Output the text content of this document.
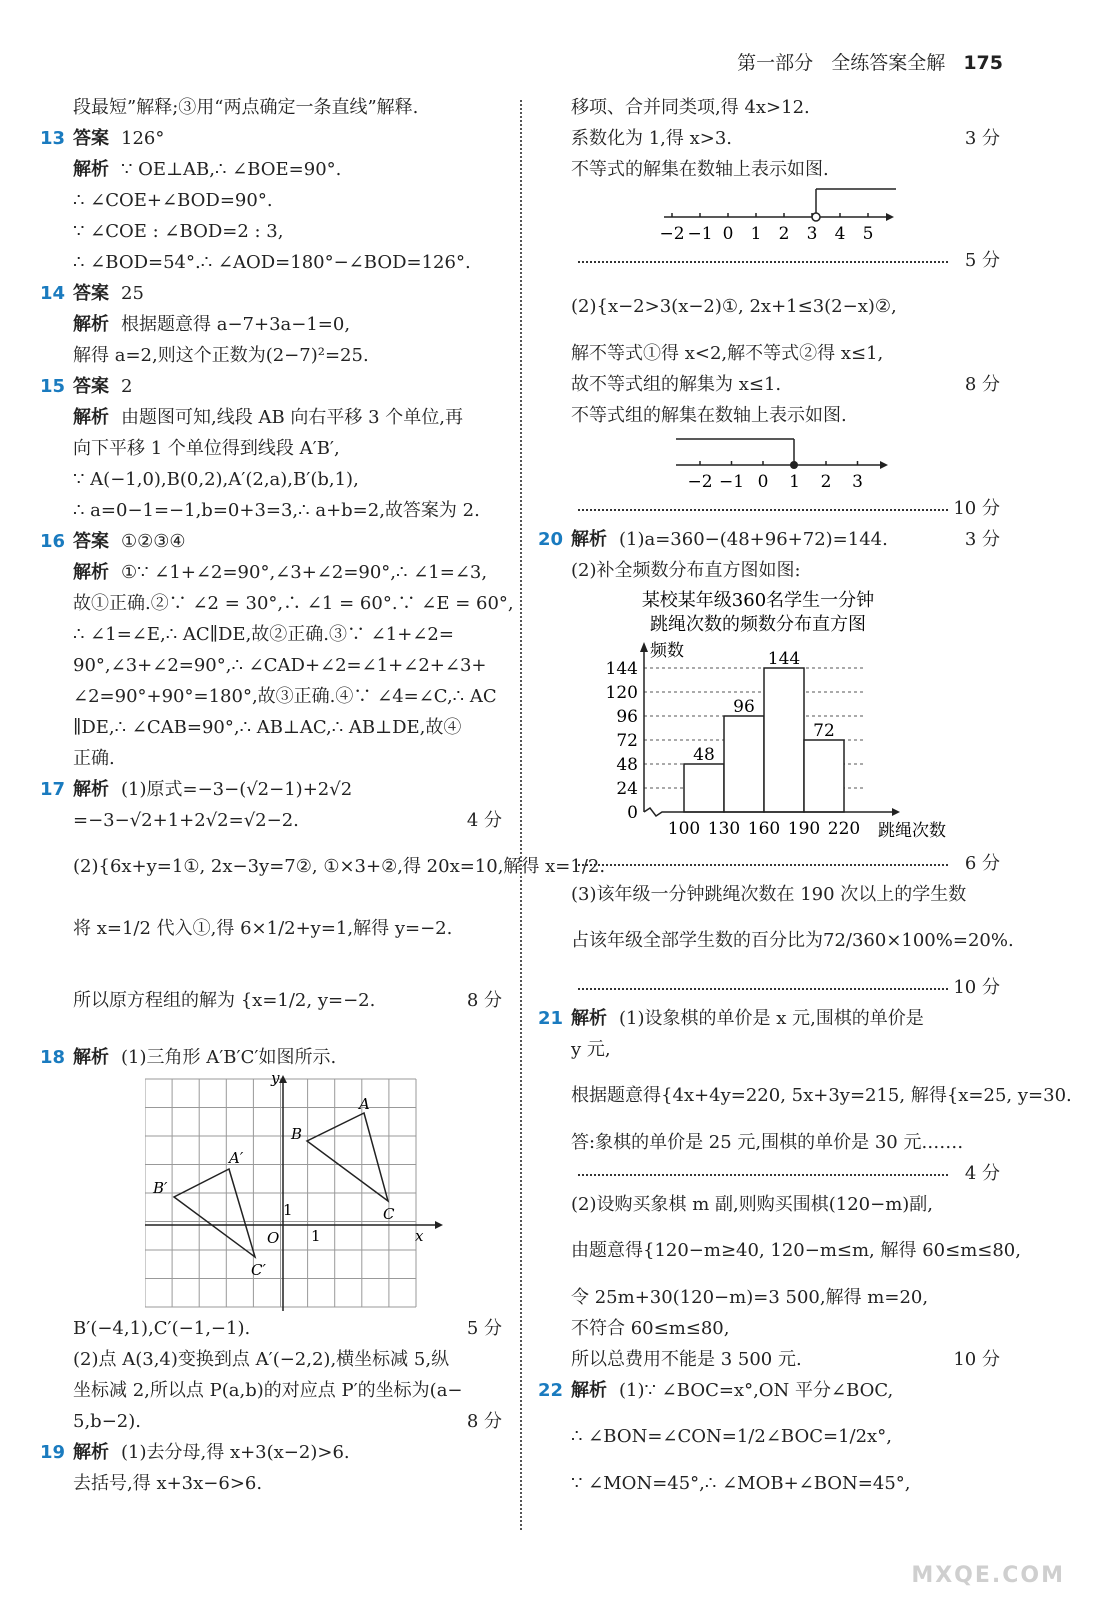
第一部分 全练答案全解 175
段最短”解释;③用“两点确定一条直线”解释.
13 答案 126°
解析 ∵ OE⊥AB,∴ ∠BOE=90°.
∴ ∠COE+∠BOD=90°.
∵ ∠COE : ∠BOD=2 : 3,
∴ ∠BOD=54°.∴ ∠AOD=180°−∠BOD=126°.
14 答案 25
解析 根据题意得 a−7+3a−1=0,
解得 a=2,则这个正数为(2−7)²=25.
15 答案 2
解析 由题图可知,线段 AB 向右平移 3 个单位,再
向下平移 1 个单位得到线段 A′B′,
∵ A(−1,0),B(0,2),A′(2,a),B′(b,1),
∴ a=0−1=−1,b=0+3=3,∴ a+b=2,故答案为 2.
16 答案 ①②③④
解析 ①∵ ∠1+∠2=90°,∠3+∠2=90°,∴ ∠1=∠3,
故①正确.②∵ ∠2 = 30°,∴ ∠1 = 60°.∵ ∠E = 60°,
∴ ∠1=∠E,∴ AC∥DE,故②正确.③∵ ∠1+∠2=
90°,∠3+∠2=90°,∴ ∠CAD+∠2=∠1+∠2+∠3+
∠2=90°+90°=180°,故③正确.④∵ ∠4=∠C,∴ AC
∥DE,∴ ∠CAB=90°,∴ AB⊥AC,∴ AB⊥DE,故④
正确.
17 解析 (1)原式=−3−(√2−1)+2√2
=−3−√2+1+2√2=√2−2.	4 分
(2){6x+y=1①, 2x−3y=7②, ①×3+②,得 20x=10,解得 x=1/2.
将 x=1/2 代入①,得 6×1/2+y=1,解得 y=−2.
所以原方程组的解为 {x=1/2, y=−2.	8 分
18 解析 (1)三角形 A′B′C′如图所示.
y
x
O 1
1
A
B
C
A′
B′
C′
B′(−4,1),C′(−1,−1).	5 分
(2)点 A(3,4)变换到点 A′(−2,2),横坐标减 5,纵
坐标减 2,所以点 P(a,b)的对应点 P′的坐标为(a−
5,b−2).	8 分
19 解析 (1)去分母,得 x+3(x−2)>6.
去括号,得 x+3x−6>6.
移项、合并同类项,得 4x>12.
系数化为 1,得 x>3.	3 分
不等式的解集在数轴上表示如图.
−2 −1 0 1 2 3 4 5
5 分
(2){x−2>3(x−2)①, 2x+1≤3(2−x)②,
解不等式①得 x<2,解不等式②得 x≤1,
故不等式组的解集为 x≤1.	8 分
不等式组的解集在数轴上表示如图.
−2 −1 0 1 2 3
10 分
20 解析 (1)a=360−(48+96+72)=144.	3 分
(2)补全频数分布直方图如图:
某校某年级360名学生一分钟
跳绳次数的频数分布直方图
频数
跳绳次数
48
96
144
72
0
24
48
72
96
120
144
100 130 160 190 220
6 分
(3)该年级一分钟跳绳次数在 190 次以上的学生数
占该年级全部学生数的百分比为72/360×100%=20%.
10 分
21 解析 (1)设象棋的单价是 x 元,围棋的单价是
y 元,
根据题意得{4x+4y=220, 5x+3y=215, 解得{x=25, y=30.
答:象棋的单价是 25 元,围棋的单价是 30 元.……
4 分
(2)设购买象棋 m 副,则购买围棋(120−m)副,
由题意得{120−m≥40, 120−m≤m, 解得 60≤m≤80,
令 25m+30(120−m)=3 500,解得 m=20,
不符合 60≤m≤80,
所以总费用不能是 3 500 元.	10 分
22 解析 (1)∵ ∠BOC=x°,ON 平分∠BOC,
∴ ∠BON=∠CON=1/2∠BOC=1/2x°,
∵ ∠MON=45°,∴ ∠MOB+∠BON=45°,
MXQE.COM
